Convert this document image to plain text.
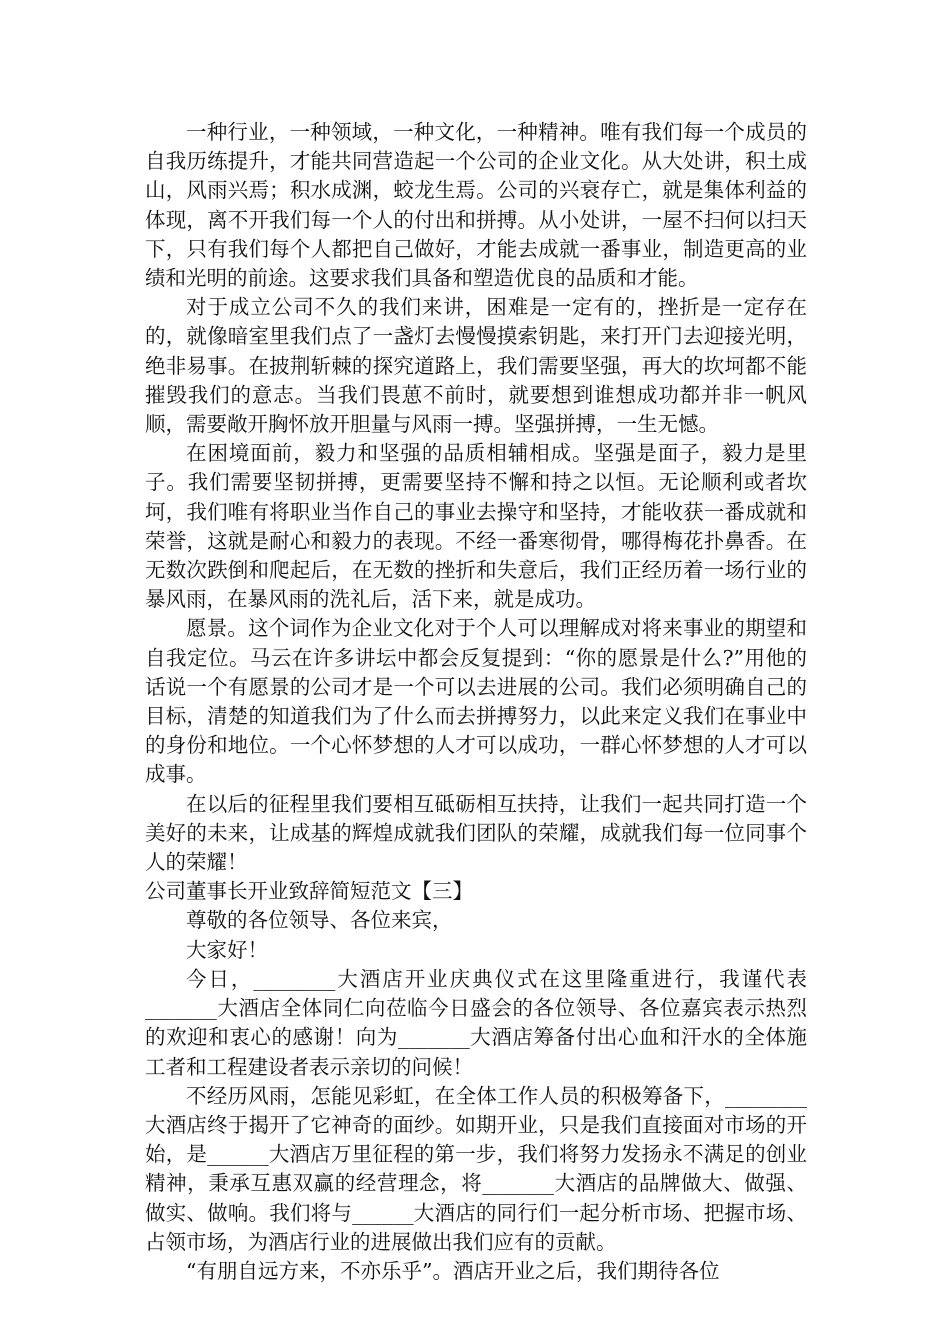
一种行业，一种领域，一种文化，一种精神。唯有我们每一个成员的自我历练提升，才能共同营造起一个公司的企业文化。从大处讲，积土成山，风雨兴焉；积水成渊，蛟龙生焉。公司的兴衰存亡，就是集体利益的体现，离不开我们每一个人的付出和拼搏。从小处讲，一屋不扫何以扫天下，只有我们每个人都把自己做好，才能去成就一番事业，制造更高的业绩和光明的前途。这要求我们具备和塑造优良的品质和才能。

对于成立公司不久的我们来讲，困难是一定有的，挫折是一定存在的，就像暗室里我们点了一盏灯去慢慢摸索钥匙，来打开门去迎接光明，绝非易事。在披荆斩棘的探究道路上，我们需要坚强，再大的坎坷都不能摧毁我们的意志。当我们畏葸不前时，就要想到谁想成功都并非一帆风顺，需要敞开胸怀放开胆量与风雨一搏。坚强拼搏，一生无憾。

在困境面前，毅力和坚强的品质相辅相成。坚强是面子，毅力是里子。我们需要坚韧拼搏，更需要坚持不懈和持之以恒。无论顺利或者坎坷，我们唯有将职业当作自己的事业去操守和坚持，才能收获一番成就和荣誉，这就是耐心和毅力的表现。不经一番寒彻骨，哪得梅花扑鼻香。在无数次跌倒和爬起后，在无数的挫折和失意后，我们正经历着一场行业的暴风雨，在暴风雨的洗礼后，活下来，就是成功。

愿景。这个词作为企业文化对于个人可以理解成对将来事业的期望和自我定位。马云在许多讲坛中都会反复提到：“你的愿景是什么?”用他的话说一个有愿景的公司才是一个可以去进展的公司。我们必须明确自己的目标，清楚的知道我们为了什么而去拼搏努力，以此来定义我们在事业中的身份和地位。一个心怀梦想的人才可以成功，一群心怀梦想的人才可以成事。

在以后的征程里我们要相互砥砺相互扶持，让我们一起共同打造一个美好的未来，让成基的辉煌成就我们团队的荣耀，成就我们每一位同事个人的荣耀！

公司董事长开业致辞简短范文【三】

尊敬的各位领导、各位来宾，

大家好！

今日，________大酒店开业庆典仪式在这里隆重进行，我谨代表_______大酒店全体同仁向莅临今日盛会的各位领导、各位嘉宾表示热烈的欢迎和衷心的感谢！向为_______大酒店筹备付出心血和汗水的全体施工者和工程建设者表示亲切的问候！

不经历风雨，怎能见彩虹，在全体工作人员的积极筹备下，________大酒店终于揭开了它神奇的面纱。如期开业，只是我们直接面对市场的开始，是______大酒店万里征程的第一步，我们将努力发扬永不满足的创业精神，秉承互惠双赢的经营理念，将_______大酒店的品牌做大、做强、做实、做响。我们将与______大酒店的同行们一起分析市场、把握市场、占领市场，为酒店行业的进展做出我们应有的贡献。

“有朋自远方来，不亦乐乎”。酒店开业之后，我们期待各位
